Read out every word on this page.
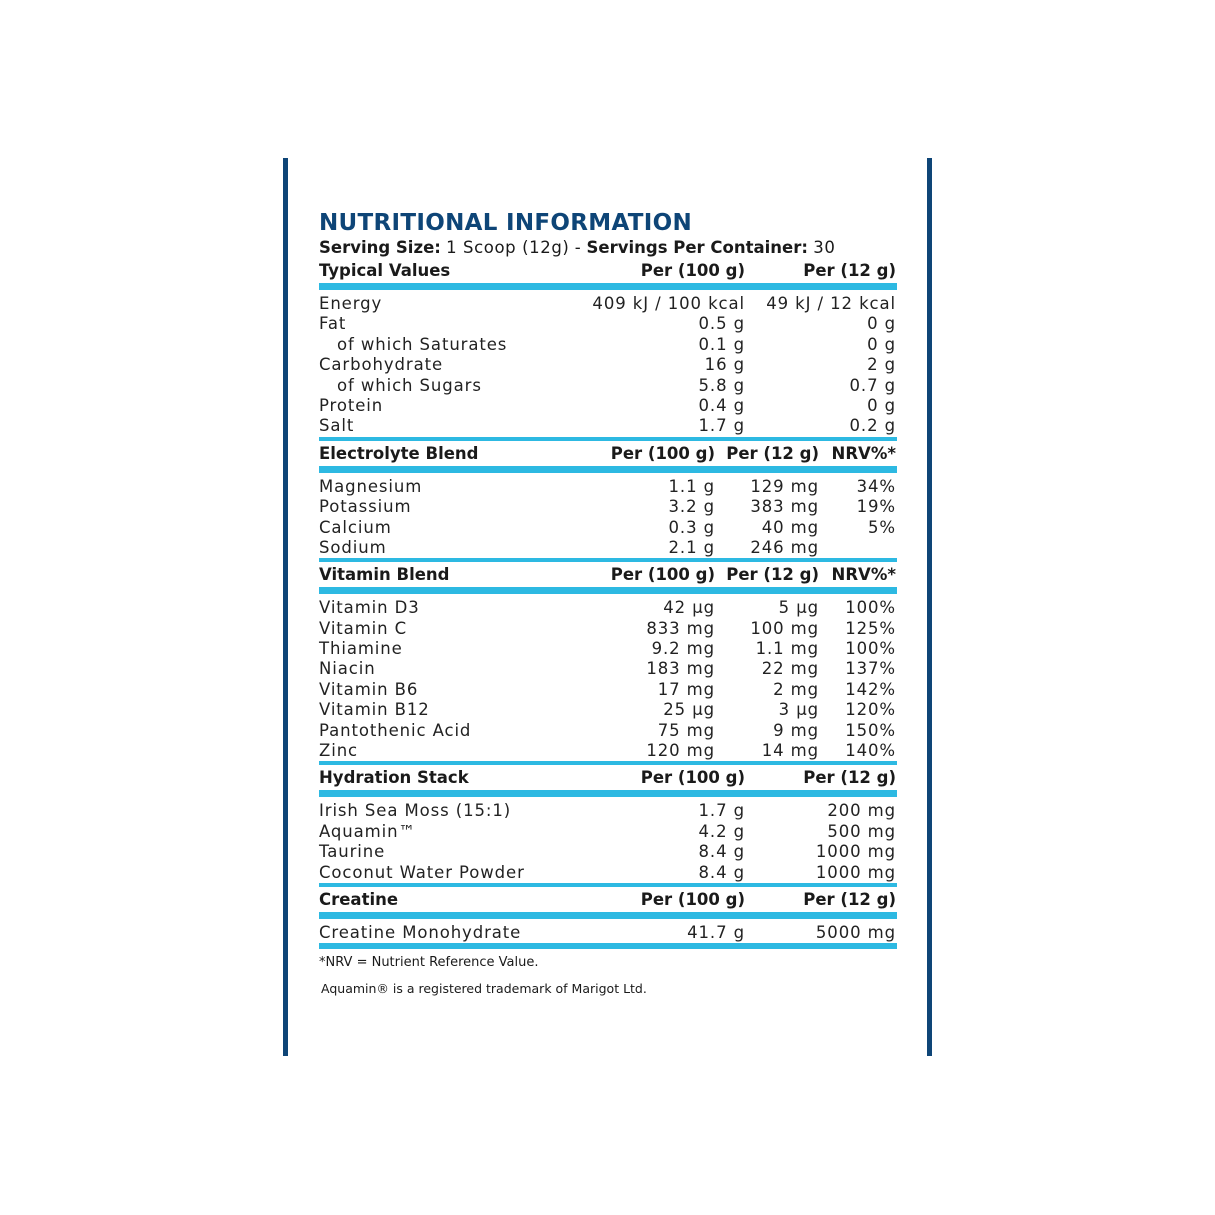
NUTRITIONAL INFORMATION
Serving Size: 1 Scoop (12g) - Servings Per Container: 30
Typical Values	Per (100 g)	Per (12 g)
Energy	409 kJ / 100 kcal 49 kJ / 12 kcal
Fat	0.5 g	0 g
of which Saturates	0.1 g	0 g
Carbohydrate	16 g	2 g
of which Sugars	5.8 g	0.7 g
Protein	0.4 g	0 g
Salt	1.7 g	0.2 g
Electrolyte Blend	Per (100 g) Per (12 g) NRV%*
Magnesium	1.1 g 129 mg 34%
Potassium	3.2 g 383 mg 19%
Calcium	0.3 g	40 mg	5%
Sodium	2.1 g 246 mg
Vitamin Blend	Per (100 g) Per (12 g) NRV%*
Vitamin D3	42 µg	5 µg 100%
Vitamin C	833 mg 100 mg 125%
Thiamine	9.2 mg 1.1 mg 100%
Niacin	183 mg	22 mg 137%
Vitamin B6	17 mg	2 mg 142%
Vitamin B12	25 µg	3 µg 120%
Pantothenic Acid	75 mg	9 mg 150%
Zinc	120 mg	14 mg 140%
Hydration Stack	Per (100 g)	Per (12 g)
Irish Sea Moss (15:1)	1.7 g	200 mg
Aquamin™	4.2 g	500 mg
Taurine	8.4 g	1000 mg
Coconut Water Powder	8.4 g	1000 mg
Creatine	Per (100 g)	Per (12 g)
Creatine Monohydrate	41.7 g	5000 mg
*NRV = Nutrient Reference Value.
Aquamin® is a registered trademark of Marigot Ltd.
